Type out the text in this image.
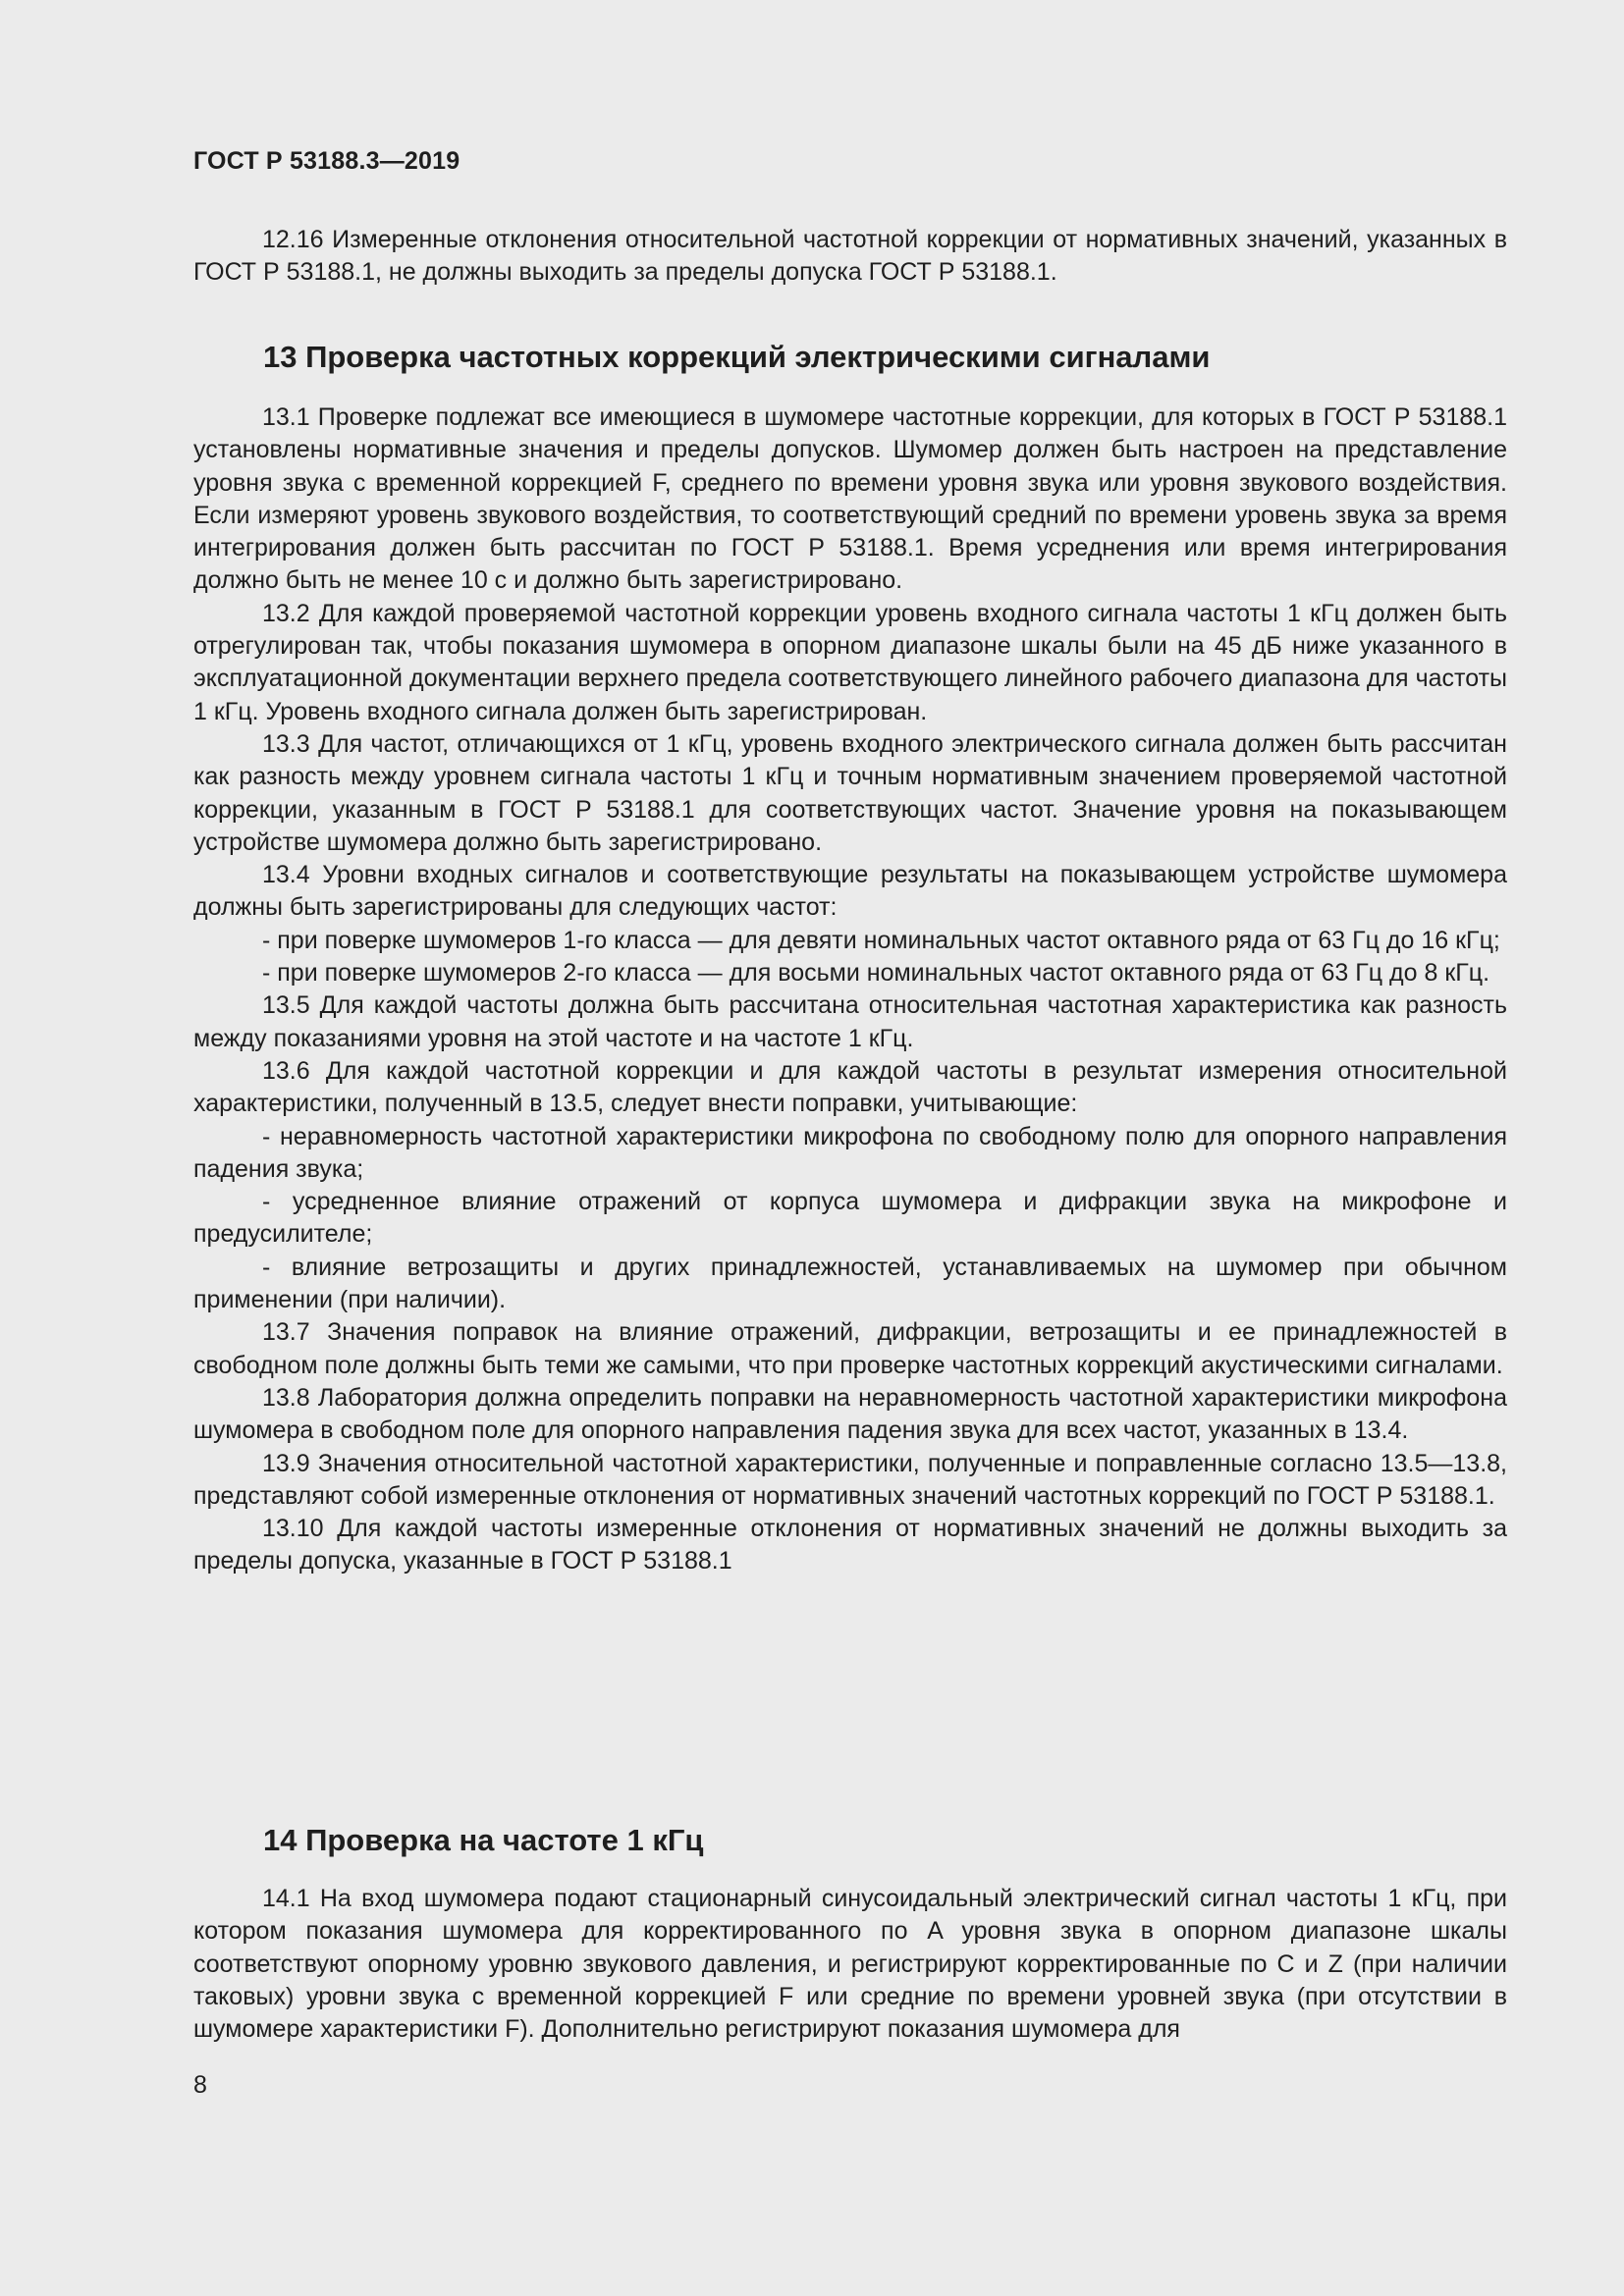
ГОСТ Р 53188.3—2019

12.16 Измеренные отклонения относительной частотной коррекции от нормативных значений, указанных в ГОСТ Р 53188.1, не должны выходить за пределы допуска ГОСТ Р 53188.1.

13 Проверка частотных коррекций электрическими сигналами

13.1 Проверке подлежат все имеющиеся в шумомере частотные коррекции, для которых в ГОСТ Р 53188.1 установлены нормативные значения и пределы допусков. Шумомер должен быть настроен на представление уровня звука с временной коррекцией F, среднего по времени уровня звука или уровня звукового воздействия. Если измеряют уровень звукового воздействия, то соответствующий средний по времени уровень звука за время интегрирования должен быть рассчитан по ГОСТ Р 53188.1. Время усреднения или время интегрирования должно быть не менее 10 с и должно быть зарегистрировано.

13.2 Для каждой проверяемой частотной коррекции уровень входного сигнала частоты 1 кГц должен быть отрегулирован так, чтобы показания шумомера в опорном диапазоне шкалы были на 45 дБ ниже указанного в эксплуатационной документации верхнего предела соответствующего линейного рабочего диапазона для частоты 1 кГц. Уровень входного сигнала должен быть зарегистрирован.

13.3 Для частот, отличающихся от 1 кГц, уровень входного электрического сигнала должен быть рассчитан как разность между уровнем сигнала частоты 1 кГц и точным нормативным значением проверяемой частотной коррекции, указанным в ГОСТ Р 53188.1 для соответствующих частот. Значение уровня на показывающем устройстве шумомера должно быть зарегистрировано.

13.4 Уровни входных сигналов и соответствующие результаты на показывающем устройстве шумомера должны быть зарегистрированы для следующих частот:

- при поверке шумомеров 1-го класса — для девяти номинальных частот октавного ряда от 63 Гц до 16 кГц;

- при поверке шумомеров 2-го класса — для восьми номинальных частот октавного ряда от 63 Гц до 8 кГц.

13.5 Для каждой частоты должна быть рассчитана относительная частотная характеристика как разность между показаниями уровня на этой частоте и на частоте 1 кГц.

13.6 Для каждой частотной коррекции и для каждой частоты в результат измерения относительной характеристики, полученный в 13.5, следует внести поправки, учитывающие:

- неравномерность частотной характеристики микрофона по свободному полю для опорного направления падения звука;

- усредненное влияние отражений от корпуса шумомера и дифракции звука на микрофоне и предусилителе;

- влияние ветрозащиты и других принадлежностей, устанавливаемых на шумомер при обычном применении (при наличии).

13.7 Значения поправок на влияние отражений, дифракции, ветрозащиты и ее принадлежностей в свободном поле должны быть теми же самыми, что при проверке частотных коррекций акустическими сигналами.

13.8 Лаборатория должна определить поправки на неравномерность частотной характеристики микрофона шумомера в свободном поле для опорного направления падения звука для всех частот, указанных в 13.4.

13.9 Значения относительной частотной характеристики, полученные и поправленные согласно 13.5—13.8, представляют собой измеренные отклонения от нормативных значений частотных коррекций по ГОСТ Р 53188.1.

13.10 Для каждой частоты измеренные отклонения от нормативных значений не должны выходить за пределы допуска, указанные в ГОСТ Р 53188.1

14 Проверка на частоте 1 кГц

14.1 На вход шумомера подают стационарный синусоидальный электрический сигнал частоты 1 кГц, при котором показания шумомера для корректированного по A уровня звука в опорном диапазоне шкалы соответствуют опорному уровню звукового давления, и регистрируют корректированные по C и Z (при наличии таковых) уровни звука с временной коррекцией F или средние по времени уровней звука (при отсутствии в шумомере характеристики F). Дополнительно регистрируют показания шумомера для

8
